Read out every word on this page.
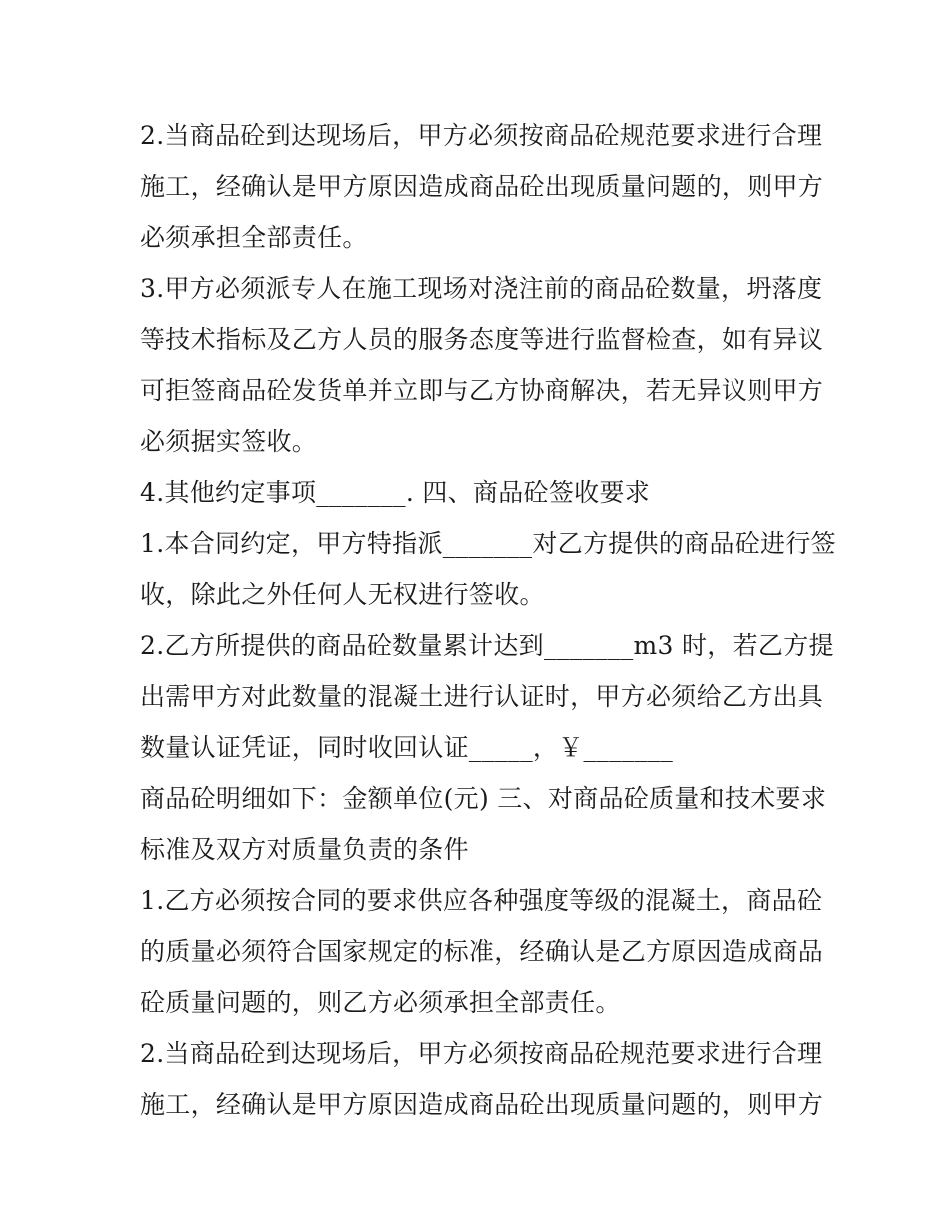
2.当商品砼到达现场后，甲方必须按商品砼规范要求进行合理
施工，经确认是甲方原因造成商品砼出现质量问题的，则甲方
必须承担全部责任。
3.甲方必须派专人在施工现场对浇注前的商品砼数量，坍落度
等技术指标及乙方人员的服务态度等进行监督检查，如有异议
可拒签商品砼发货单并立即与乙方协商解决，若无异议则甲方
必须据实签收。
4.其他约定事项_______. 四、商品砼签收要求
1.本合同约定，甲方特指派_______对乙方提供的商品砼进行签
收，除此之外任何人无权进行签收。
2.乙方所提供的商品砼数量累计达到_______m3 时，若乙方提
出需甲方对此数量的混凝土进行认证时，甲方必须给乙方出具
数量认证凭证，同时收回认证_____，￥_______
商品砼明细如下：金额单位(元) 三、对商品砼质量和技术要求
标准及双方对质量负责的条件
1.乙方必须按合同的要求供应各种强度等级的混凝土，商品砼
的质量必须符合国家规定的标准，经确认是乙方原因造成商品
砼质量问题的，则乙方必须承担全部责任。
2.当商品砼到达现场后，甲方必须按商品砼规范要求进行合理
施工，经确认是甲方原因造成商品砼出现质量问题的，则甲方
